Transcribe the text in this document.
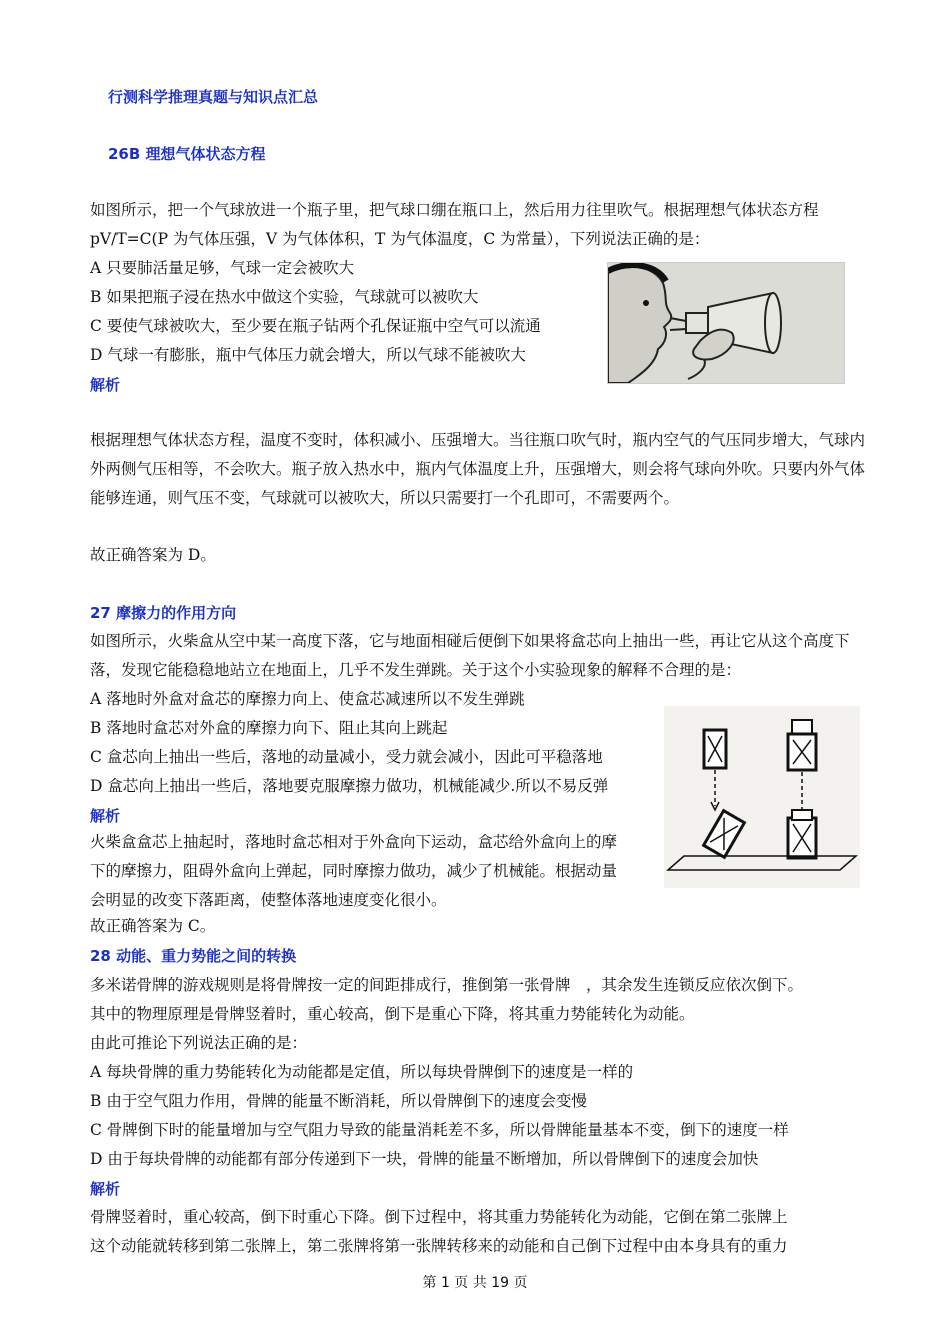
行测科学推理真题与知识点汇总
26B 理想气体状态方程

如图所示，把一个气球放进一个瓶子里，把气球口绷在瓶口上，然后用力往里吹气。根据理想气体状态方程 pV/T=C(P 为气体压强，V 为气体体积，T 为气体温度，C 为常量），下列说法正确的是：

A 只要肺活量足够，气球一定会被吹大
B 如果把瓶子浸在热水中做这个实验，气球就可以被吹大
C 要使气球被吹大，至少要在瓶子钻两个孔保证瓶中空气可以流通
D 气球一有膨胀，瓶中气体压力就会增大，所以气球不能被吹大
解析

根据理想气体状态方程，温度不变时，体积减小、压强增大。当往瓶口吹气时，瓶内空气的气压同步增大，气球内外两侧气压相等，不会吹大。瓶子放入热水中，瓶内气体温度上升，压强增大，则会将气球向外吹。只要内外气体能够连通，则气压不变，气球就可以被吹大，所以只需要打一个孔即可，不需要两个。

故正确答案为 D。
27 摩擦力的作用方向

如图所示，火柴盒从空中某一高度下落，它与地面相碰后便倒下如果将盒芯向上抽出一些，再让它从这个高度下落，发现它能稳稳地站立在地面上，几乎不发生弹跳。关于这个小实验现象的解释不合理的是：

A 落地时外盒对盒芯的摩擦力向上、使盒芯减速所以不发生弹跳
B 落地时盒芯对外盒的摩擦力向下、阻止其向上跳起
C 盒芯向上抽出一些后，落地的动量减小，受力就会减小，因此可平稳落地
D 盒芯向上抽出一些后，落地要克服摩擦力做功，机械能减少.所以不易反弹
解析
火柴盒盒芯上抽起时，落地时盒芯相对于外盒向下运动，盒芯给外盒向上的摩
下的摩擦力，阻碍外盒向上弹起，同时摩擦力做功，减少了机械能。根据动量
会明显的改变下落距离，使整体落地速度变化很小。
故正确答案为 C。
28 动能、重力势能之间的转换
多米诺骨牌的游戏规则是将骨牌按一定的间距排成行，推倒第一张骨牌　，其余发生连锁反应依次倒下。
其中的物理原理是骨牌竖着时，重心较高，倒下是重心下降，将其重力势能转化为动能。
由此可推论下列说法正确的是：
A 每块骨牌的重力势能转化为动能都是定值，所以每块骨牌倒下的速度是一样的
B 由于空气阻力作用，骨牌的能量不断消耗，所以骨牌倒下的速度会变慢
C 骨牌倒下时的能量增加与空气阻力导致的能量消耗差不多，所以骨牌能量基本不变，倒下的速度一样
D 由于每块骨牌的动能都有部分传递到下一块，骨牌的能量不断增加，所以骨牌倒下的速度会加快
解析
骨牌竖着时，重心较高，倒下时重心下降。倒下过程中，将其重力势能转化为动能，它倒在第二张牌上
这个动能就转移到第二张牌上，第二张牌将第一张牌转移来的动能和自己倒下过程中由本身具有的重力
第 1 页 共 19 页
